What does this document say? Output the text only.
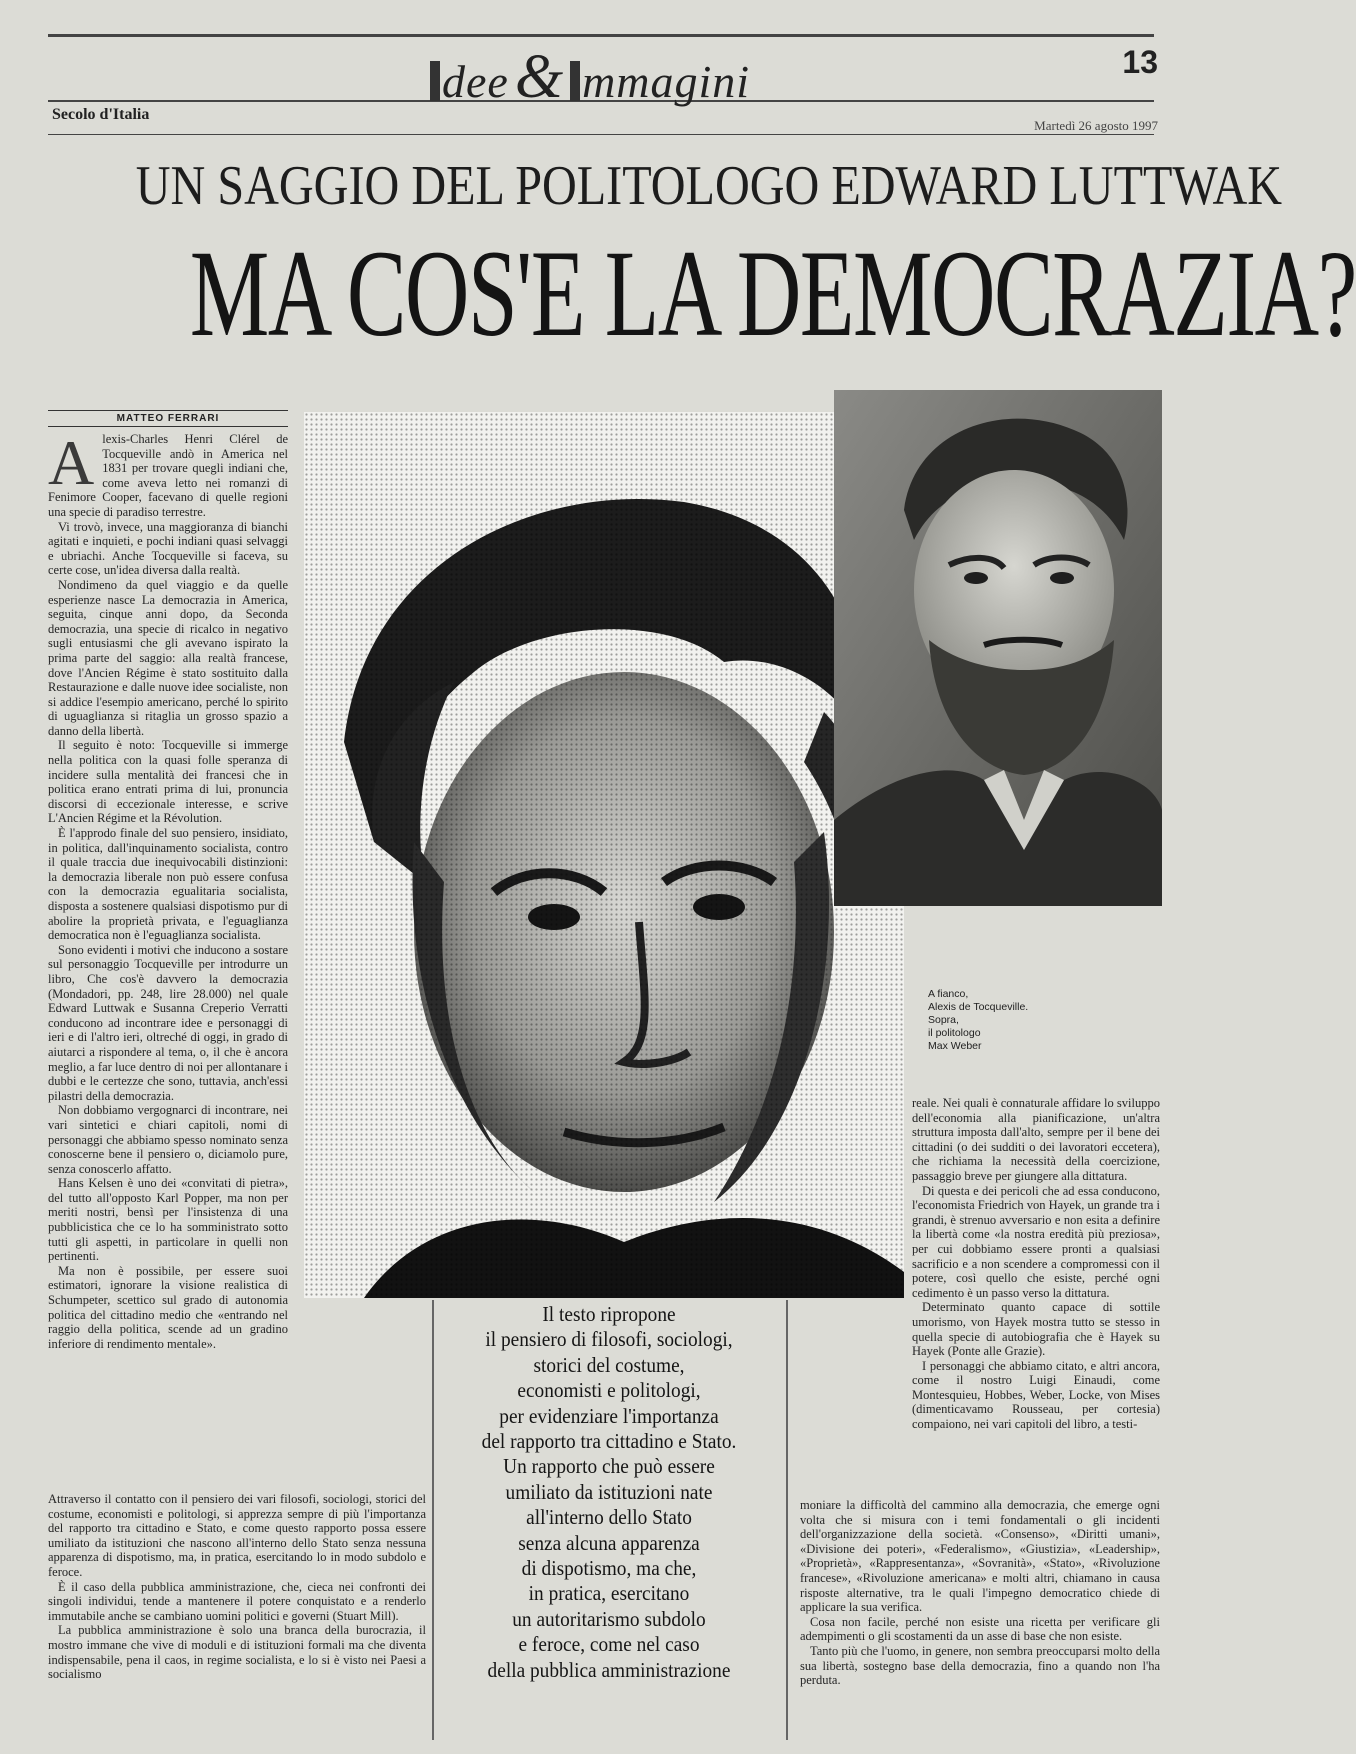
dee& mmagini	13
Secolo d'Italia
Martedì 26 agosto 1997
UN SAGGIO DEL POLITOLOGO EDWARD LUTTWAK
MA COS'E LA DEMOCRAZIA?
MATTEO FERRARI
A lexis-Charles Henri Clérel de Tocqueville andò in America nel 1831 per trovare quegli indiani che, come aveva letto nei romanzi di Fenimore Cooper, facevano di quelle regioni una specie di paradiso terrestre.

Vi trovò, invece, una maggioranza di bianchi agitati e inquieti, e pochi indiani quasi selvaggi e ubriachi. Anche Tocqueville si faceva, su certe cose, un'idea diversa dalla realtà.

Nondimeno da quel viaggio e da quelle esperienze nasce La democrazia in America, seguita, cinque anni dopo, da Seconda democrazia, una specie di ricalco in negativo sugli entusiasmi che gli avevano ispirato la prima parte del saggio: alla realtà francese, dove l'Ancien Régime è stato sostituito dalla Restaurazione e dalle nuove idee socialiste, non si addice l'esempio americano, perché lo spirito di uguaglianza si ritaglia un grosso spazio a danno della libertà.

Il seguito è noto: Tocqueville si immerge nella politica con la quasi folle speranza di incidere sulla mentalità dei francesi che in politica erano entrati prima di lui, pronuncia discorsi di eccezionale interesse, e scrive L'Ancien Régime et la Révolution.

È l'approdo finale del suo pensiero, insidiato, in politica, dall'inquinamento socialista, contro il quale traccia due inequivocabili distinzioni: la democrazia liberale non può essere confusa con la democrazia egualitaria socialista, disposta a sostenere qualsiasi dispotismo pur di abolire la proprietà privata, e l'eguaglianza democratica non è l'eguaglianza socialista.

Sono evidenti i motivi che inducono a sostare sul personaggio Tocqueville per introdurre un libro, Che cos'è davvero la democrazia (Mondadori, pp. 248, lire 28.000) nel quale Edward Luttwak e Susanna Creperio Verratti conducono ad incontrare idee e personaggi di ieri e di l'altro ieri, oltreché di oggi, in grado di aiutarci a rispondere al tema, o, il che è ancora meglio, a far luce dentro di noi per allontanare i dubbi e le certezze che sono, tuttavia, anch'essi pilastri della democrazia.

Non dobbiamo vergognarci di incontrare, nei vari sintetici e chiari capitoli, nomi di personaggi che abbiamo spesso nominato senza conoscerne bene il pensiero o, diciamolo pure, senza conoscerlo affatto.

Hans Kelsen è uno dei «convitati di pietra», del tutto all'opposto Karl Popper, ma non per meriti nostri, bensì per l'insistenza di una pubblicistica che ce lo ha somministrato sotto tutti gli aspetti, in particolare in quelli non pertinenti.

Ma non è possibile, per essere suoi estimatori, ignorare la visione realistica di Schumpeter, scettico sul grado di autonomia politica del cittadino medio che «entrando nel raggio della politica, scende ad un gradino inferiore di rendimento mentale».

Attraverso il contatto con il pensiero dei vari filosofi, sociologi, storici del costume, economisti e politologi, si apprezza sempre di più l'importanza del rapporto tra cittadino e Stato, e come questo rapporto possa essere umiliato da istituzioni che nascono all'interno dello Stato senza nessuna apparenza di dispotismo, ma, in pratica, esercitando lo in modo subdolo e feroce.

È il caso della pubblica amministrazione, che, cieca nei confronti dei singoli individui, tende a mantenere il potere conquistato e a renderlo immutabile anche se cambiano uomini politici e governi (Stuart Mill).

La pubblica amministrazione è solo una branca della burocrazia, il mostro immane che vive di moduli e di istituzioni formali ma che diventa indispensabile, pena il caos, in regime socialista, e lo si è visto nei Paesi a socialismo

A fianco,
Alexis de Tocqueville.
Sopra,
il politologo
Max Weber

reale. Nei quali è connaturale affidare lo sviluppo dell'economia alla pianificazione, un'altra struttura imposta dall'alto, sempre per il bene dei cittadini (o dei sudditi o dei lavoratori eccetera), che richiama la necessità della coercizione, passaggio breve per giungere alla dittatura.

Di questa e dei pericoli che ad essa conducono, l'economista Friedrich von Hayek, un grande tra i grandi, è strenuo avversario e non esita a definire la libertà come «la nostra eredità più preziosa», per cui dobbiamo essere pronti a qualsiasi sacrificio e a non scendere a compromessi con il potere, così quello che esiste, perché ogni cedimento è un passo verso la dittatura.

Determinato quanto capace di sottile umorismo, von Hayek mostra tutto se stesso in quella specie di autobiografia che è Hayek su Hayek (Ponte alle Grazie).

I personaggi che abbiamo citato, e altri ancora, come il nostro Luigi Einaudi, come Montesquieu, Hobbes, Weber, Locke, von Mises (dimenticavamo Rousseau, per cortesia) compaiono, nei vari capitoli del libro, a testi-

moniare la difficoltà del cammino alla democrazia, che emerge ogni volta che si misura con i temi fondamentali o gli incidenti dell'organizzazione della società. «Consenso», «Diritti umani», «Divisione dei poteri», «Federalismo», «Giustizia», «Leadership», «Proprietà», «Rappresentanza», «Sovranità», «Stato», «Rivoluzione francese», «Rivoluzione americana» e molti altri, chiamano in causa risposte alternative, tra le quali l'impegno democratico chiede di applicare la sua verifica.

Cosa non facile, perché non esiste una ricetta per verificare gli adempimenti o gli scostamenti da un asse di base che non esiste.

Tanto più che l'uomo, in genere, non sembra preoccuparsi molto della sua libertà, sostegno base della democrazia, fino a quando non l'ha perduta.

Il testo ripropone
il pensiero di filosofi, sociologi,
storici del costume,
economisti e politologi,
per evidenziare l'importanza
del rapporto tra cittadino e Stato.
Un rapporto che può essere
umiliato da istituzioni nate
all'interno dello Stato
senza alcuna apparenza
di dispotismo, ma che,
in pratica, esercitano
un autoritarismo subdolo
e feroce, come nel caso
della pubblica amministrazione
